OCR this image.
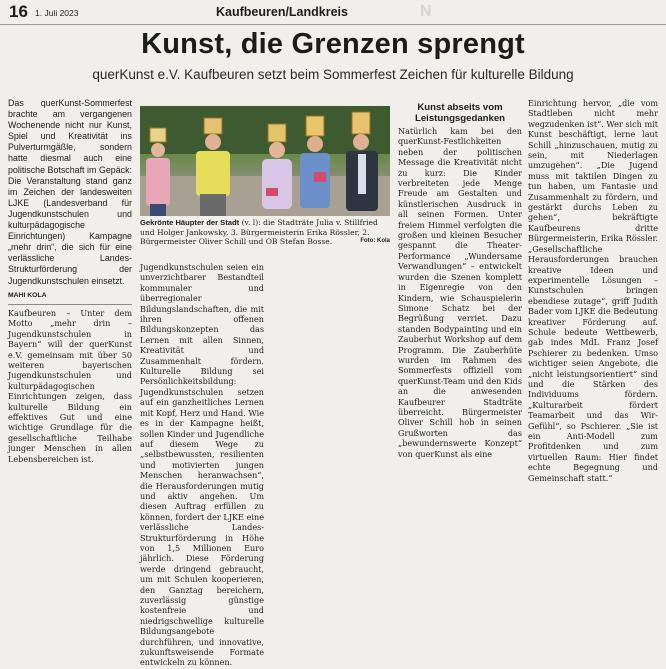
16 1. Juli 2023	Kaufbeuren/Landkreis	N
Kunst, die Grenzen sprengt
querKunst e.V. Kaufbeuren setzt beim Sommerfest Zeichen für kulturelle Bildung

Das querKunst-Sommerfest brachte am vergangenen Wochenende nicht nur Kunst, Spiel und Kreativität ins Pulverturmgäßle, sondern hatte diesmal auch eine politische Botschaft im Gepäck: Die Veranstaltung stand ganz im Zeichen der landesweiten LJKE (Landesverband für Jugendkunstschulen und kulturpädagogische Einrichtungen) Kampagne „mehr drin“, die sich für eine verlässliche Landes-Strukturförderung der Jugendkunstschulen einsetzt.

MAHI KOLA

Kaufbeuren – Unter dem Motto „mehr drin – Jugendkunstschulen in Bayern“ will der querKunst e.V. gemeinsam mit über 50 weiteren bayerischen Jugendkunstschulen und kulturpädagogischen Einrichtungen zeigen, dass kulturelle Bildung ein effektives Gut und eine wichtige Grundlage für die gesellschaftliche Teilhabe junger Menschen in allen Lebensbereichen ist.

Gekrönte Häupter der Stadt (v. l): die Stadträte Julia v. Stillfried und Holger Jankowsky, 3. Bürgermeisterin Erika Rössler, 2. Bürgermeister Oliver Schill und OB Stefan Bosse.	Foto: Kola

Jugendkunstschulen seien ein unverzichtbarer Bestandteil kommunaler und überregionaler Bildungslandschaften, die mit ihren offenen Bildungskonzepten das Lernen mit allen Sinnen, Kreativität und Zusammenhalt fördern. Kulturelle Bildung sei Persönlichkeitsbildung: Jugendkunstschulen setzen auf ein ganzheitliches Lernen mit Kopf, Herz und Hand. Wie es in der Kampagne heißt, sollen Kinder und Jugendliche auf diesem Wege zu „selbstbewussten, resilienten und motivierten jungen Menschen heranwachsen“, die Herausforderungen mutig und aktiv angehen. Um diesen Auftrag erfüllen zu können, fordert der LJKE eine verlässliche Landes-Strukturförderung in Höhe von 1,5 Millionen Euro jährlich. Diese Förderung werde dringend gebraucht, um mit Schulen kooperieren, den Ganztag bereichern, zuverlässig günstige kostenfreie und niedrigschwellige kulturelle Bildungsangebote durchführen, und innovative, zukunftsweisende Formate entwickeln zu können.

Kunst abseits vom Leistungsgedanken

Natürlich kam bei den querKunst-Festlichkeiten neben der politischen Message die Kreativität nicht zu kurz: Die Kinder verbreiteten jede Menge Freude am Gestalten und künstlerischen Ausdruck in all seinen Formen. Unter freiem Himmel verfolgten die großen und kleinen Besucher gespannt die Theater-Performance „Wundersame Verwandlungen“ – entwickelt wurden die Szenen komplett in Eigenregie von den Kindern, wie Schauspielerin Simone Schatz bei der Begrüßung verriet. Dazu standen Bodypainting und ein Zauberhut Workshop auf dem Programm. Die Zauberhüte wurden im Rahmen des Sommerfests offiziell vom querKunst-Team und den Kids an die anwesenden Kaufbeurer Stadträte überreicht. Bürgermeister Oliver Schill hob in seinen Grußworten das „bewundernswerte Konzept“ von querKunst als eine

Einrichtung hervor, „die vom Stadtleben nicht mehr wegzudenken ist“. Wer sich mit Kunst beschäftigt, lerne laut Schill „hinzuschauen, mutig zu sein, mit Niederlagen umzugehen“. „Die Jugend muss mit taktilen Dingen zu tun haben, um Fantasie und Zusammenhalt zu fördern, und gestärkt durchs Leben zu gehen“, bekräftigte Kaufbeurens dritte Bürgermeisterin, Erika Rössler. „Gesellschaftliche Herausforderungen brauchen kreative Ideen und experimentelle Lösungen – Kunstschulen bringen ebendiese zutage“, griff Judith Bader vom LJKE die Bedeutung kreativer Förderung auf. Schule bedeute Wettbewerb, gab indes MdL Franz Josef Pschierer zu bedenken. Umso wichtiger seien Angebote, die „nicht leistungsorientiert“ sind und die Stärken des Individuums fördern. „Kulturarbeit fördert Teamarbeit und das Wir-Gefühl“, so Pschierer. „Sie ist ein Anti-Modell zum Profitdenken und zum virtuellen Raum: Hier findet echte Begegnung und Gemeinschaft statt.“
